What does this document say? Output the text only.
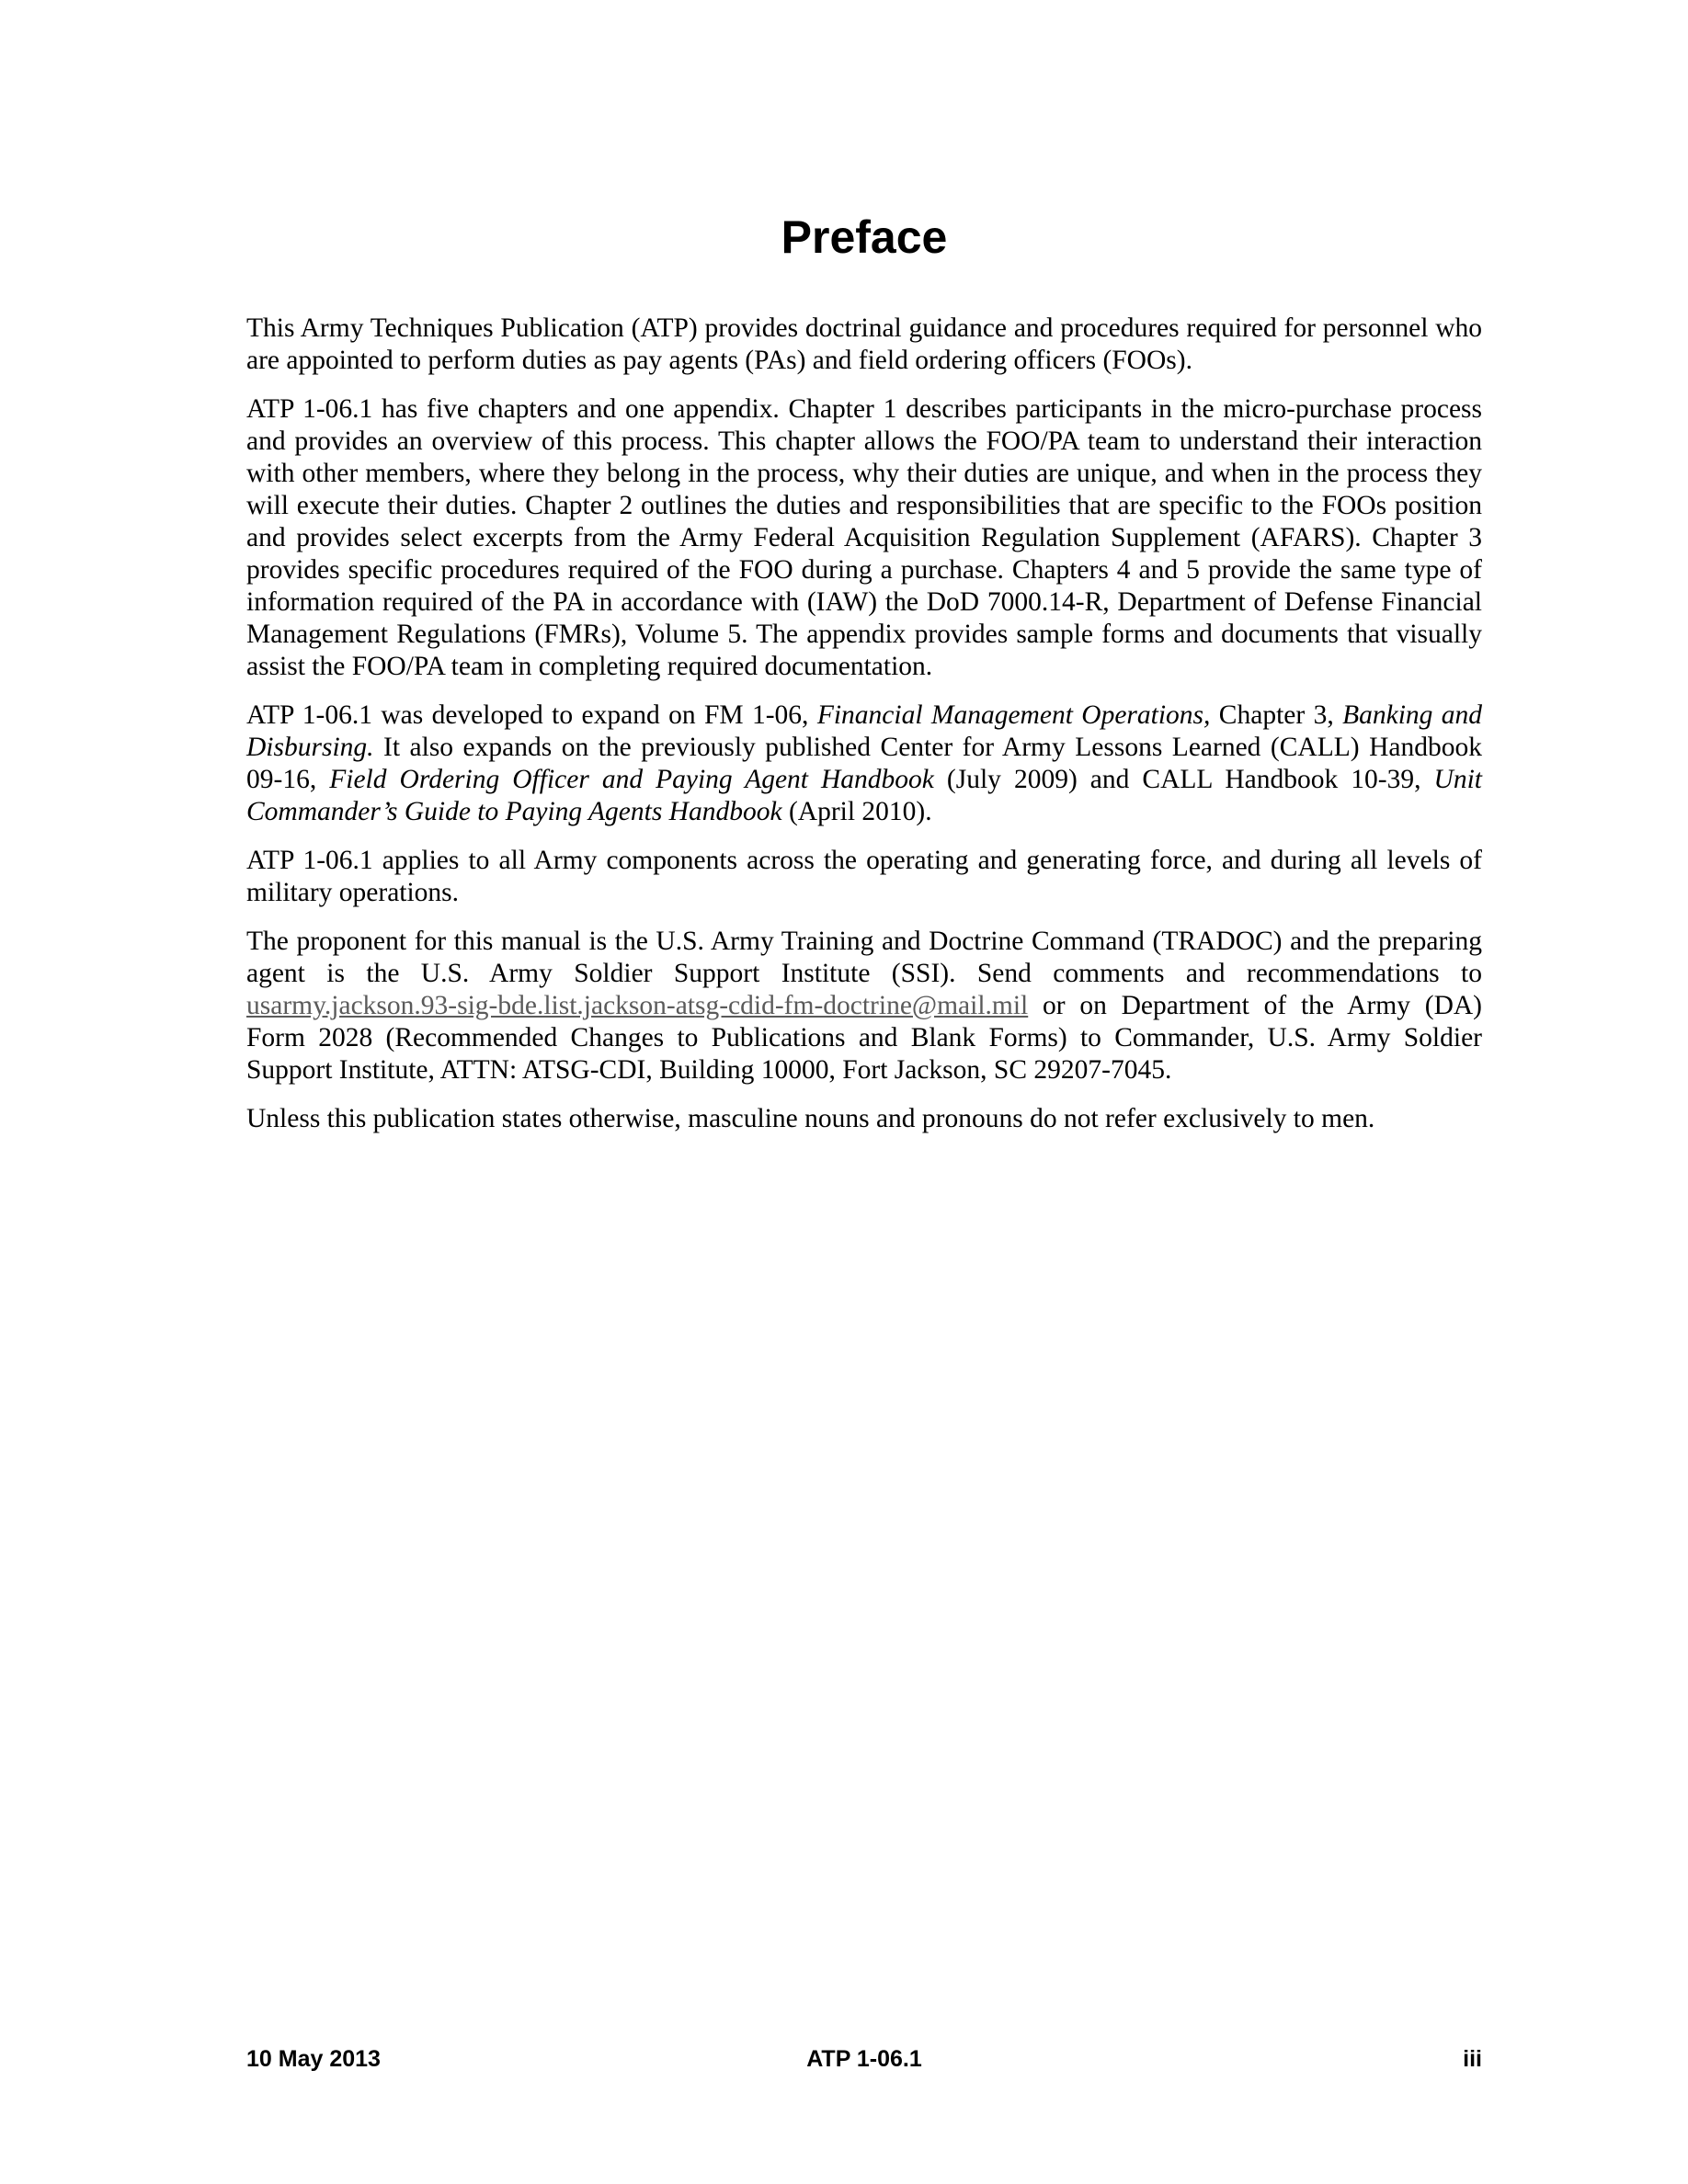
Preface

This Army Techniques Publication (ATP) provides doctrinal guidance and procedures required for personnel who are appointed to perform duties as pay agents (PAs) and field ordering officers (FOOs).

ATP 1-06.1 has five chapters and one appendix. Chapter 1 describes participants in the micro-purchase process and provides an overview of this process. This chapter allows the FOO/PA team to understand their interaction with other members, where they belong in the process, why their duties are unique, and when in the process they will execute their duties. Chapter 2 outlines the duties and responsibilities that are specific to the FOOs position and provides select excerpts from the Army Federal Acquisition Regulation Supplement (AFARS). Chapter 3 provides specific procedures required of the FOO during a purchase. Chapters 4 and 5 provide the same type of information required of the PA in accordance with (IAW) the DoD 7000.14-R, Department of Defense Financial Management Regulations (FMRs), Volume 5. The appendix provides sample forms and documents that visually assist the FOO/PA team in completing required documentation.

ATP 1-06.1 was developed to expand on FM 1-06, Financial Management Operations, Chapter 3, Banking and Disbursing. It also expands on the previously published Center for Army Lessons Learned (CALL) Handbook 09-16, Field Ordering Officer and Paying Agent Handbook (July 2009) and CALL Handbook 10-39, Unit Commander’s Guide to Paying Agents Handbook (April 2010).

ATP 1-06.1 applies to all Army components across the operating and generating force, and during all levels of military operations.

The proponent for this manual is the U.S. Army Training and Doctrine Command (TRADOC) and the preparing agent is the U.S. Army Soldier Support Institute (SSI). Send comments and recommendations to usarmy.jackson.93-sig-bde.list.jackson-atsg-cdid-fm-doctrine@mail.mil or on Department of the Army (DA) Form 2028 (Recommended Changes to Publications and Blank Forms) to Commander, U.S. Army Soldier Support Institute, ATTN: ATSG-CDI, Building 10000, Fort Jackson, SC 29207-7045.

Unless this publication states otherwise, masculine nouns and pronouns do not refer exclusively to men.

10 May 2013	ATP 1-06.1	iii
